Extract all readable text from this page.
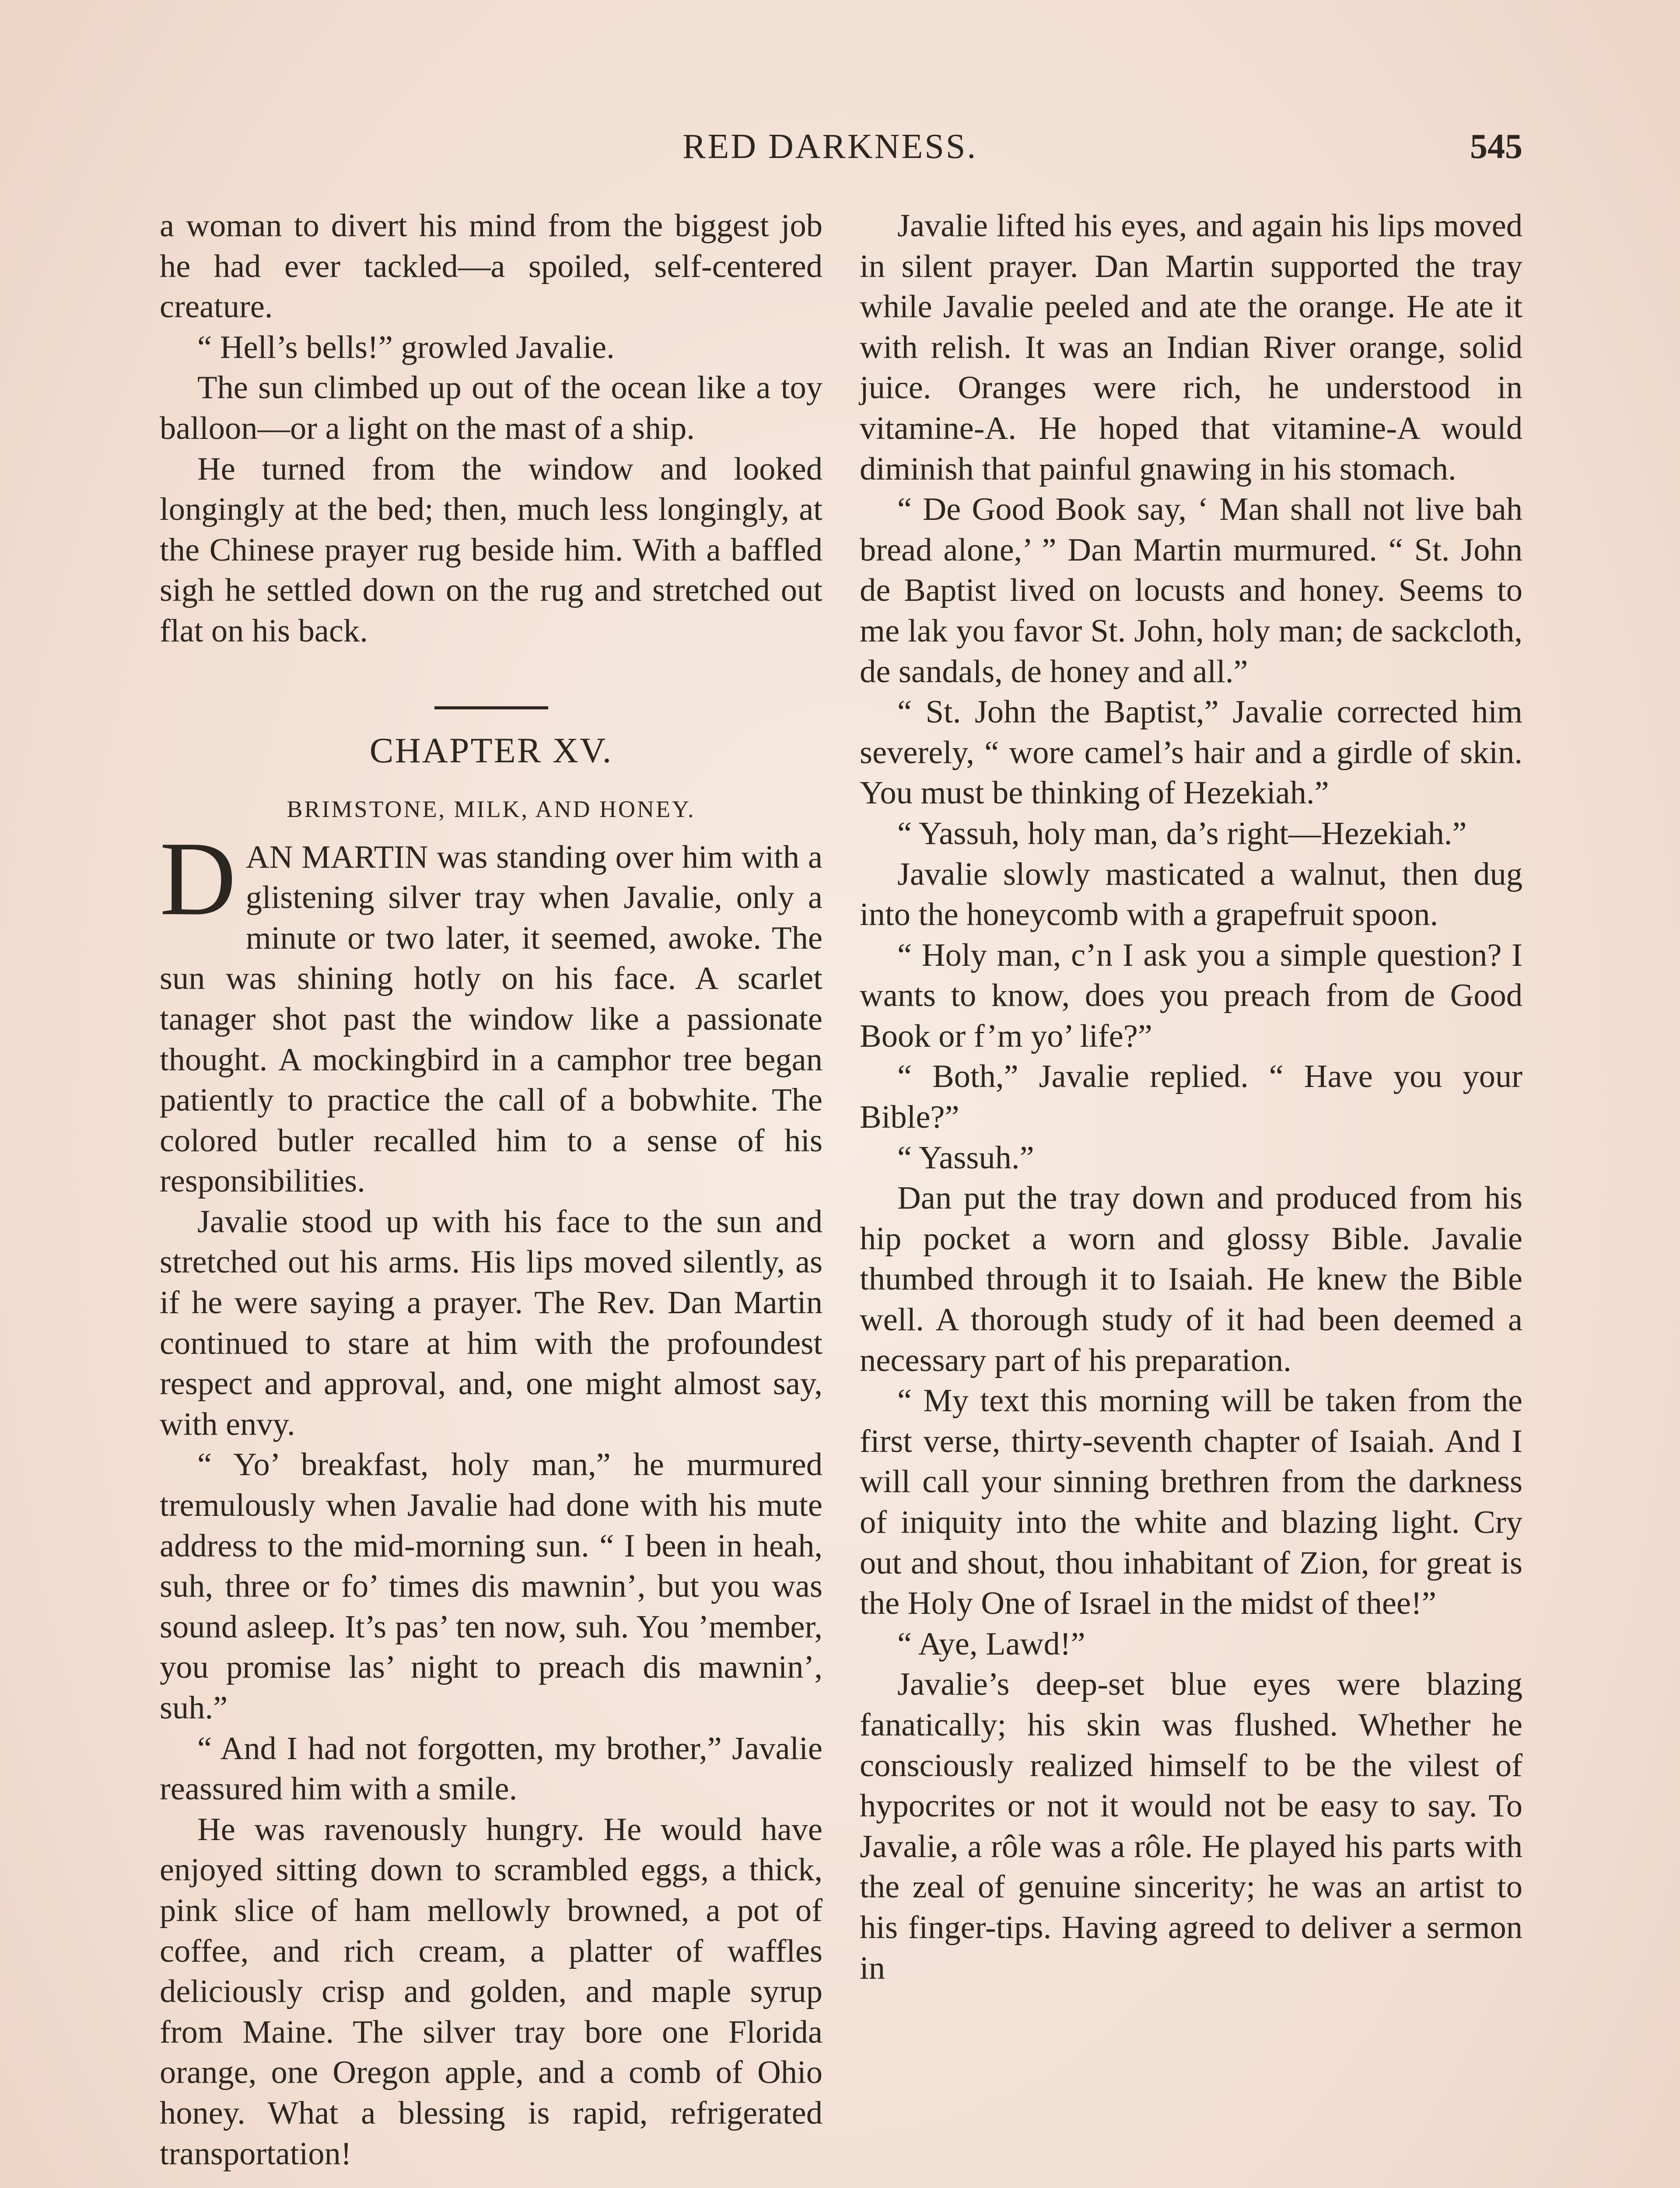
RED DARKNESS.	545

a woman to divert his mind from the biggest job he had ever tackled—a spoiled, self-centered creature.

“ Hell’s bells!” growled Javalie.

The sun climbed up out of the ocean like a toy balloon—or a light on the mast of a ship.

He turned from the window and looked longingly at the bed; then, much less longingly, at the Chinese prayer rug beside him. With a baffled sigh he settled down on the rug and stretched out flat on his back.

CHAPTER XV.
BRIMSTONE, MILK, AND HONEY.

DAN MARTIN was standing over him with a glistening silver tray when Javalie, only a minute or two later, it seemed, awoke. The sun was shining hotly on his face. A scarlet tanager shot past the window like a passionate thought. A mockingbird in a camphor tree began patiently to practice the call of a bobwhite. The colored butler recalled him to a sense of his responsibilities.

Javalie stood up with his face to the sun and stretched out his arms. His lips moved silently, as if he were saying a prayer. The Rev. Dan Martin continued to stare at him with the profoundest respect and approval, and, one might almost say, with envy.

“ Yo’ breakfast, holy man,” he murmured tremulously when Javalie had done with his mute address to the mid-morning sun. “ I been in heah, suh, three or fo’ times dis mawnin’, but you was sound asleep. It’s pas’ ten now, suh. You ’member, you promise las’ night to preach dis mawnin’, suh.”

“ And I had not forgotten, my brother,” Javalie reassured him with a smile.

He was ravenously hungry. He would have enjoyed sitting down to scrambled eggs, a thick, pink slice of ham mellowly browned, a pot of coffee, and rich cream, a platter of waffles deliciously crisp and golden, and maple syrup from Maine. The silver tray bore one Florida orange, one Oregon apple, and a comb of Ohio honey. What a blessing is rapid, refrigerated transportation!

Javalie lifted his eyes, and again his lips moved in silent prayer. Dan Martin supported the tray while Javalie peeled and ate the orange. He ate it with relish. It was an Indian River orange, solid juice. Oranges were rich, he understood in vitamine-A. He hoped that vitamine-A would diminish that painful gnawing in his stomach.

“ De Good Book say, ‘ Man shall not live bah bread alone,’ ” Dan Martin murmured. “ St. John de Baptist lived on locusts and honey. Seems to me lak you favor St. John, holy man; de sackcloth, de sandals, de honey and all.”

“ St. John the Baptist,” Javalie corrected him severely, “ wore camel’s hair and a girdle of skin. You must be thinking of Hezekiah.”

“ Yassuh, holy man, da’s right—Hezekiah.”

Javalie slowly masticated a walnut, then dug into the honeycomb with a grapefruit spoon.

“ Holy man, c’n I ask you a simple question? I wants to know, does you preach from de Good Book or f’m yo’ life?”

“ Both,” Javalie replied. “ Have you your Bible?”

“ Yassuh.”

Dan put the tray down and produced from his hip pocket a worn and glossy Bible. Javalie thumbed through it to Isaiah. He knew the Bible well. A thorough study of it had been deemed a necessary part of his preparation.

“ My text this morning will be taken from the first verse, thirty-seventh chapter of Isaiah. And I will call your sinning brethren from the darkness of iniquity into the white and blazing light. Cry out and shout, thou inhabitant of Zion, for great is the Holy One of Israel in the midst of thee!”

“ Aye, Lawd!”

Javalie’s deep-set blue eyes were blazing fanatically; his skin was flushed. Whether he consciously realized himself to be the vilest of hypocrites or not it would not be easy to say. To Javalie, a rôle was a rôle. He played his parts with the zeal of genuine sincerity; he was an artist to his finger-tips. Having agreed to deliver a sermon in
